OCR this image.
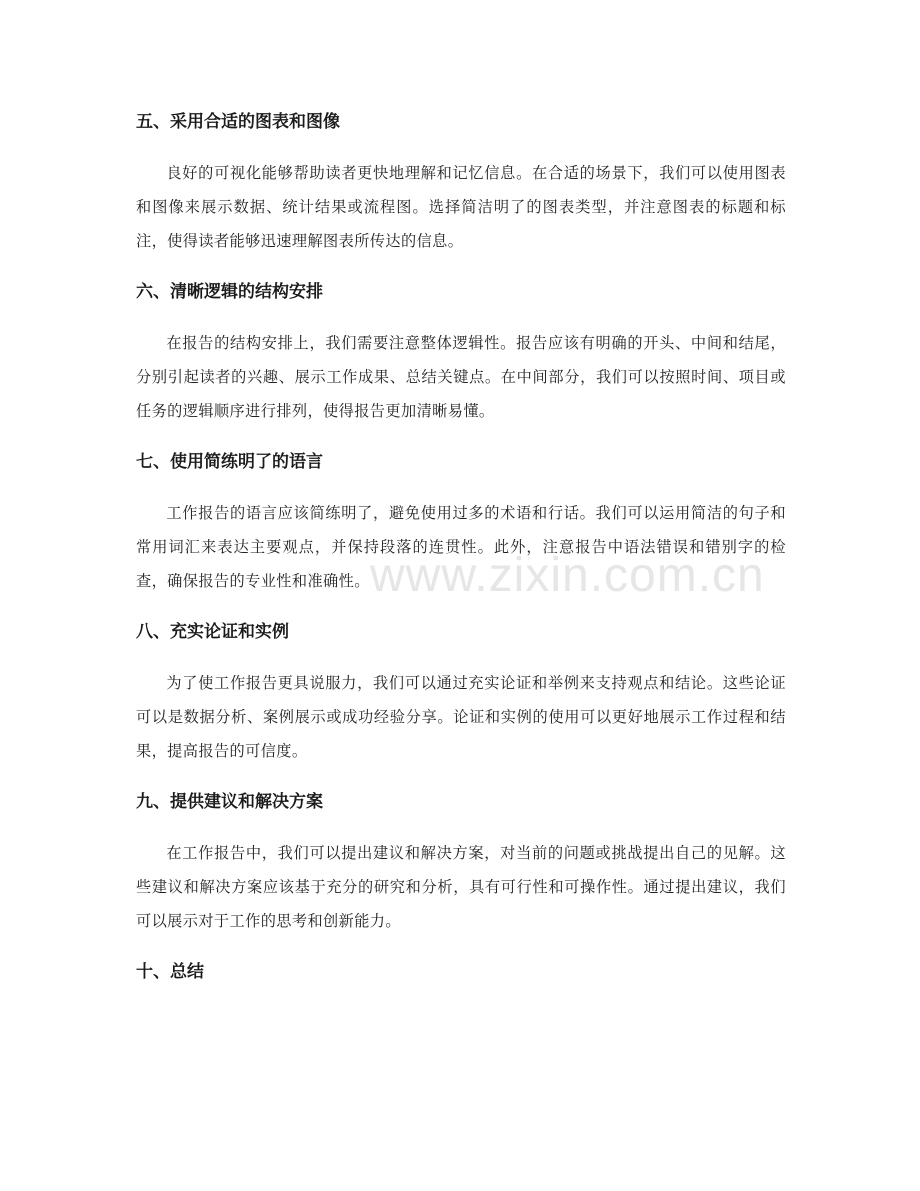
www.zixin.com.cn
五、采用合适的图表和图像

良好的可视化能够帮助读者更快地理解和记忆信息。在合适的场景下，我们可以使用图表和图像来展示数据、统计结果或流程图。选择简洁明了的图表类型，并注意图表的标题和标注，使得读者能够迅速理解图表所传达的信息。

六、清晰逻辑的结构安排

在报告的结构安排上，我们需要注意整体逻辑性。报告应该有明确的开头、中间和结尾，分别引起读者的兴趣、展示工作成果、总结关键点。在中间部分，我们可以按照时间、项目或任务的逻辑顺序进行排列，使得报告更加清晰易懂。

七、使用简练明了的语言

工作报告的语言应该简练明了，避免使用过多的术语和行话。我们可以运用简洁的句子和常用词汇来表达主要观点，并保持段落的连贯性。此外，注意报告中语法错误和错别字的检查，确保报告的专业性和准确性。

八、充实论证和实例

为了使工作报告更具说服力，我们可以通过充实论证和举例来支持观点和结论。这些论证可以是数据分析、案例展示或成功经验分享。论证和实例的使用可以更好地展示工作过程和结果，提高报告的可信度。

九、提供建议和解决方案

在工作报告中，我们可以提出建议和解决方案，对当前的问题或挑战提出自己的见解。这些建议和解决方案应该基于充分的研究和分析，具有可行性和可操作性。通过提出建议，我们可以展示对于工作的思考和创新能力。

十、总结
